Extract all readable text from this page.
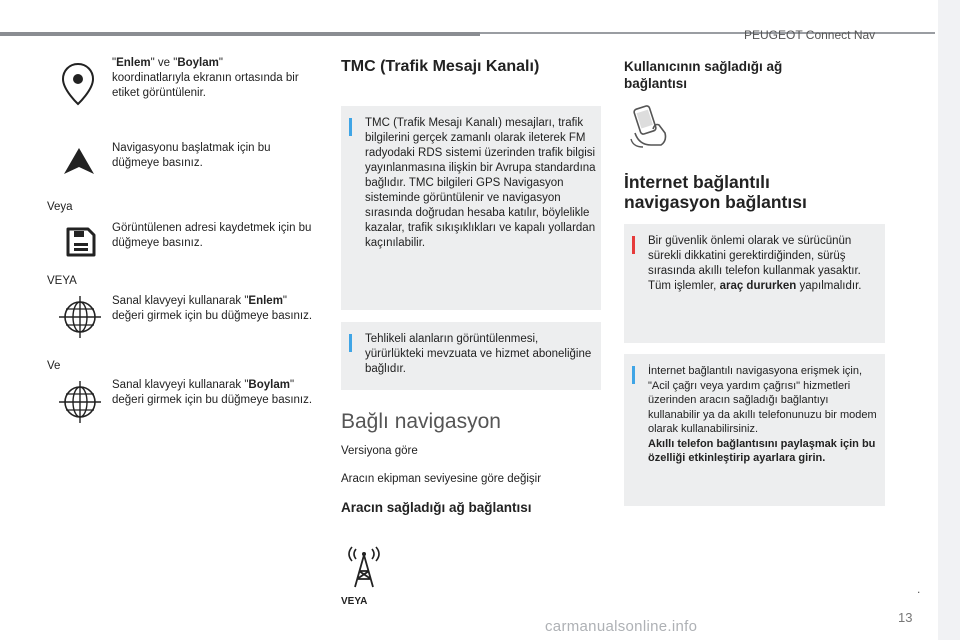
PEUGEOT Connect Nav
"Enlem" ve "Boylam"
koordinatlarıyla ekranın ortasında bir etiket görüntülenir.
Navigasyonu başlatmak için bu düğmeye basınız.
Veya
Görüntülenen adresi kaydetmek için bu düğmeye basınız.
VEYA
Sanal klavyeyi kullanarak "Enlem"
değeri girmek için bu düğmeye basınız.
Ve
Sanal klavyeyi kullanarak "Boylam"
değeri girmek için bu düğmeye basınız.
TMC (Trafik Mesajı Kanalı)
TMC (Trafik Mesajı Kanalı) mesajları, trafik bilgilerini gerçek zamanlı olarak ileterek FM radyodaki RDS sistemi üzerinden trafik bilgisi yayınlanmasına ilişkin bir Avrupa standardına bağlıdır. TMC bilgileri GPS Navigasyon sisteminde görüntülenir ve navigasyon sırasında doğrudan hesaba katılır, böylelikle kazalar, trafik sıkışıklıkları ve kapalı yollardan kaçınılabilir.
Tehlikeli alanların görüntülenmesi, yürürlükteki mevzuata ve hizmet aboneliğine bağlıdır.
Bağlı navigasyon
Versiyona göre
Aracın ekipman seviyesine göre değişir
Aracın sağladığı ağ bağlantısı
VEYA
Kullanıcının sağladığı ağ bağlantısı
İnternet bağlantılı navigasyon bağlantısı
Bir güvenlik önlemi olarak ve sürücünün sürekli dikkatini gerektirdiğinden, sürüş sırasında akıllı telefon kullanmak yasaktır. Tüm işlemler, araç dururken yapılmalıdır.
İnternet bağlantılı navigasyona erişmek için, "Acil çağrı veya yardım çağrısı" hizmetleri üzerinden aracın sağladığı bağlantıyı kullanabilir ya da akıllı telefonunuzu bir modem olarak kullanabilirsiniz.
Akıllı telefon bağlantısını paylaşmak için bu özelliği etkinleştirip ayarlara girin.
.
13
carmanualsonline.info
